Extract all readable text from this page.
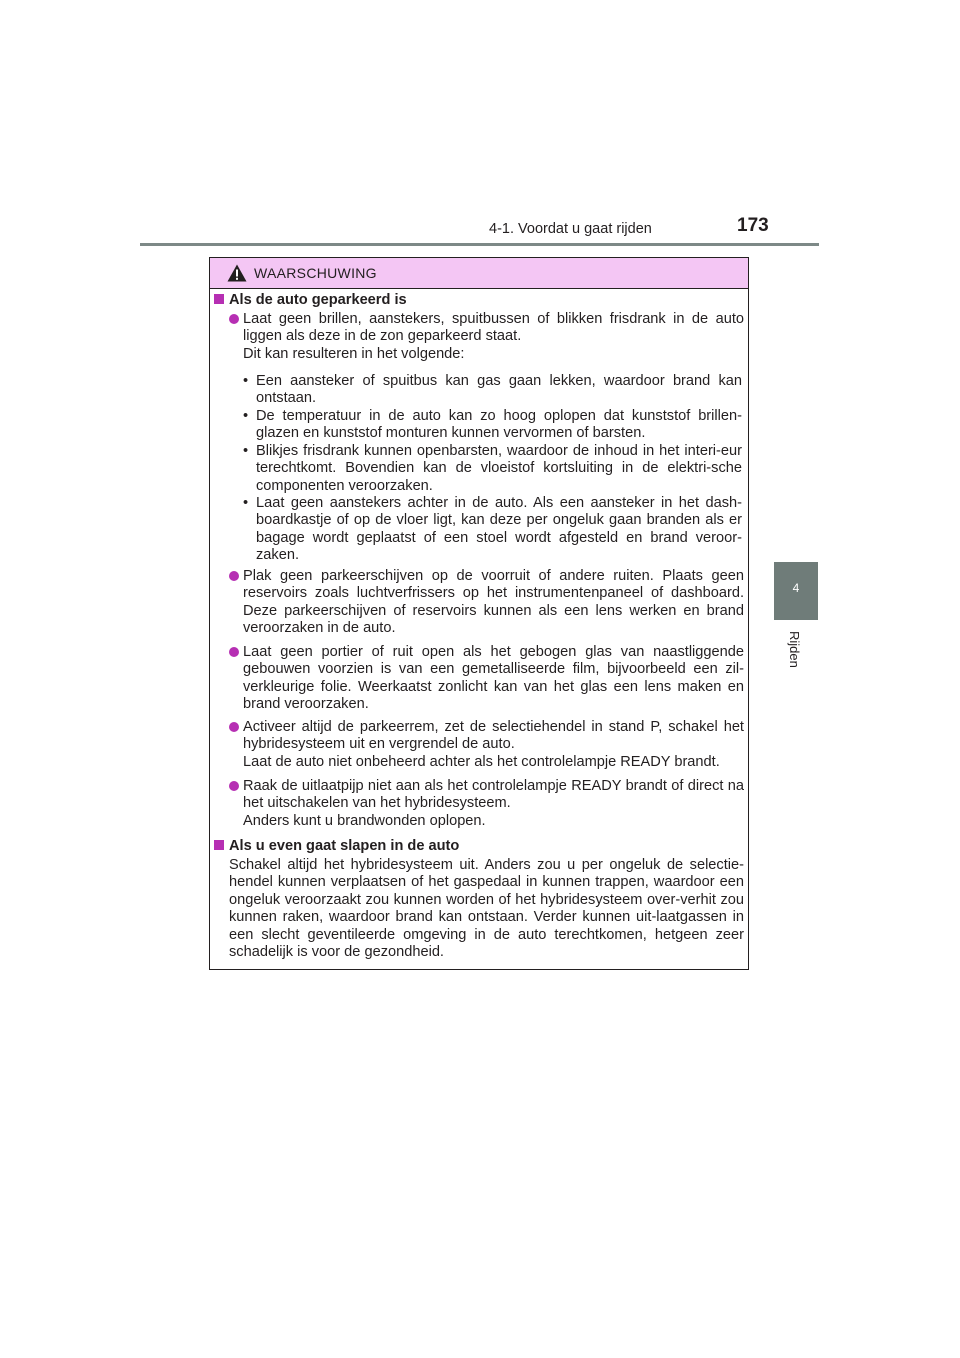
4-1. Voordat u gaat rijden	173
4
Rijden
WAARSCHUWING
Als de auto geparkeerd is
Laat geen brillen, aanstekers, spuitbussen of blikken frisdrank in de auto liggen als deze in de zon geparkeerd staat.
Dit kan resulteren in het volgende:
• Een aansteker of spuitbus kan gas gaan lekken, waardoor brand kan ontstaan.
• De temperatuur in de auto kan zo hoog oplopen dat kunststof brillen-glazen en kunststof monturen kunnen vervormen of barsten.
• Blikjes frisdrank kunnen openbarsten, waardoor de inhoud in het interi-eur terechtkomt. Bovendien kan de vloeistof kortsluiting in de elektri-sche componenten veroorzaken.
• Laat geen aanstekers achter in de auto. Als een aansteker in het dash-boardkastje of op de vloer ligt, kan deze per ongeluk gaan branden als er bagage wordt geplaatst of een stoel wordt afgesteld en brand veroor-zaken.
Plak geen parkeerschijven op de voorruit of andere ruiten. Plaats geen reservoirs zoals luchtverfrissers op het instrumentenpaneel of dashboard. Deze parkeerschijven of reservoirs kunnen als een lens werken en brand veroorzaken in de auto.
Laat geen portier of ruit open als het gebogen glas van naastliggende gebouwen voorzien is van een gemetalliseerde film, bijvoorbeeld een zil-verkleurige folie. Weerkaatst zonlicht kan van het glas een lens maken en brand veroorzaken.
Activeer altijd de parkeerrem, zet de selectiehendel in stand P, schakel het hybridesysteem uit en vergrendel de auto.
Laat de auto niet onbeheerd achter als het controlelampje READY brandt.
Raak de uitlaatpijp niet aan als het controlelampje READY brandt of direct na het uitschakelen van het hybridesysteem.
Anders kunt u brandwonden oplopen.
Als u even gaat slapen in de auto
Schakel altijd het hybridesysteem uit. Anders zou u per ongeluk de selectie-hendel kunnen verplaatsen of het gaspedaal in kunnen trappen, waardoor een ongeluk veroorzaakt zou kunnen worden of het hybridesysteem over-verhit zou kunnen raken, waardoor brand kan ontstaan. Verder kunnen uit-laatgassen in een slecht geventileerde omgeving in de auto terechtkomen, hetgeen zeer schadelijk is voor de gezondheid.
